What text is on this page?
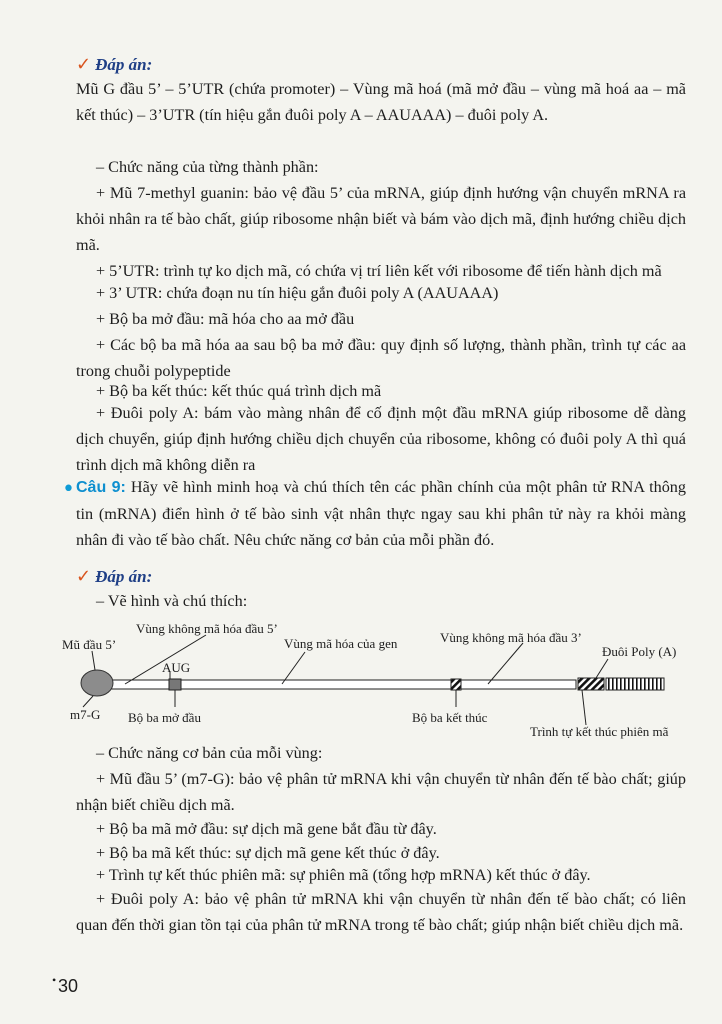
✓ Đáp án:

Mũ G đầu 5’ – 5’UTR (chứa promoter) – Vùng mã hoá (mã mở đầu – vùng mã hoá aa – mã kết thúc) – 3’UTR (tín hiệu gắn đuôi poly A – AAUAAA) – đuôi poly A.

– Chức năng của từng thành phần:

+ Mũ 7-methyl guanin: bảo vệ đầu 5’ của mRNA, giúp định hướng vận chuyển mRNA ra khỏi nhân ra tế bào chất, giúp ribosome nhận biết và bám vào dịch mã, định hướng chiều dịch mã.

+ 5’UTR: trình tự ko dịch mã, có chứa vị trí liên kết với ribosome để tiến hành dịch mã

+ 3’ UTR: chứa đoạn nu tín hiệu gắn đuôi poly A (AAUAAA)

+ Bộ ba mở đầu: mã hóa cho aa mở đầu

+ Các bộ ba mã hóa aa sau bộ ba mở đầu: quy định số lượng, thành phần, trình tự các aa trong chuỗi polypeptide

+ Bộ ba kết thúc: kết thúc quá trình dịch mã

+ Đuôi poly A: bám vào màng nhân để cố định một đầu mRNA giúp ribosome dễ dàng dịch chuyển, giúp định hướng chiều dịch chuyển của ribosome, không có đuôi poly A thì quá trình dịch mã không diễn ra

• Câu 9: Hãy vẽ hình minh hoạ và chú thích tên các phần chính của một phân tử RNA thông tin (mRNA) điển hình ở tế bào sinh vật nhân thực ngay sau khi phân tử này ra khỏi màng nhân đi vào tế bào chất. Nêu chức năng cơ bản của mỗi phần đó.

✓ Đáp án:

– Vẽ hình và chú thích:

Vùng không mã hóa đầu 5’
Mũ đầu 5’	Vùng mã hóa của gen	Vùng không mã hóa đầu 3’
Đuôi Poly (A)
AUG
m7-G Bộ ba mở đầu	Bộ ba kết thúc
Trình tự kết thúc phiên mã

– Chức năng cơ bản của mỗi vùng:

+ Mũ đầu 5’ (m7-G): bảo vệ phân tử mRNA khi vận chuyển từ nhân đến tế bào chất; giúp nhận biết chiều dịch mã.

+ Bộ ba mã mở đầu: sự dịch mã gene bắt đầu từ đây.

+ Bộ ba mã kết thúc: sự dịch mã gene kết thúc ở đây.

+ Trình tự kết thúc phiên mã: sự phiên mã (tổng hợp mRNA) kết thúc ở đây.

+ Đuôi poly A: bảo vệ phân tử mRNA khi vận chuyển từ nhân đến tế bào chất; có liên quan đến thời gian tồn tại của phân tử mRNA trong tế bào chất; giúp nhận biết chiều dịch mã.

• 30
